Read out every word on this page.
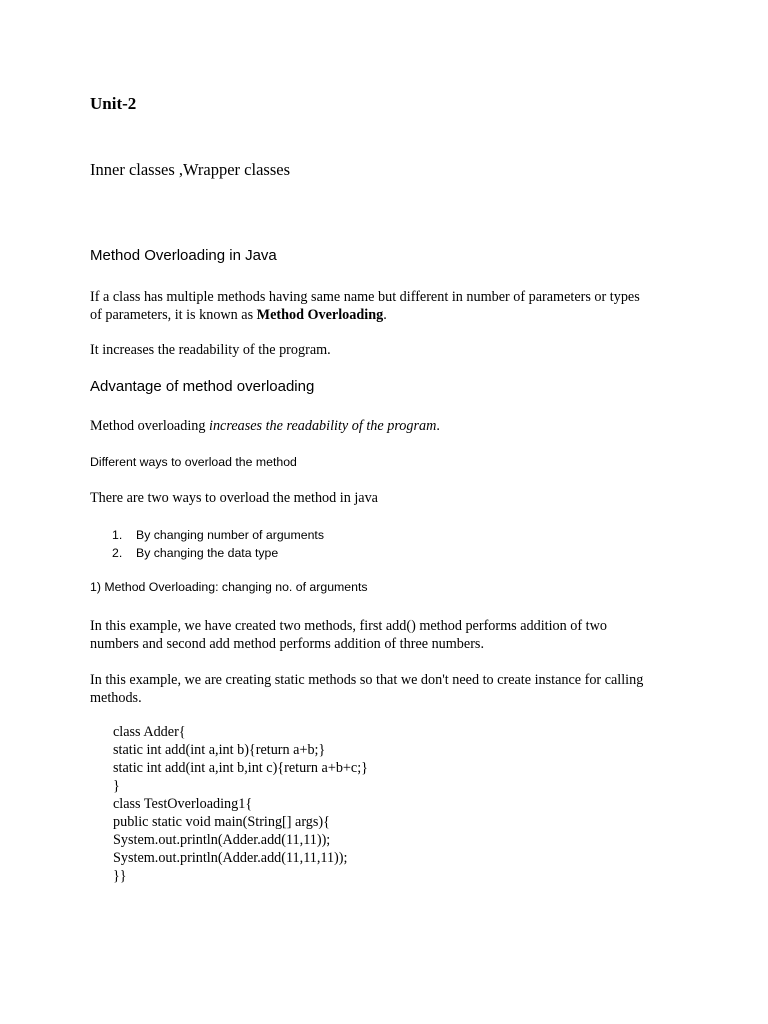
Unit-2
Inner classes ,Wrapper classes
Method Overloading in Java
If a class has multiple methods having same name but different in number of parameters or types
of parameters, it is known as Method Overloading.
It increases the readability of the program.
Advantage of method overloading
Method overloading increases the readability of the program.
Different ways to overload the method
There are two ways to overload the method in java
1. By changing number of arguments
2. By changing the data type
1) Method Overloading: changing no. of arguments
In this example, we have created two methods, first add() method performs addition of two
numbers and second add method performs addition of three numbers.
In this example, we are creating static methods so that we don't need to create instance for calling
methods.
class Adder{
static int add(int a,int b){return a+b;}
static int add(int a,int b,int c){return a+b+c;}
}
class TestOverloading1{
public static void main(String[] args){
System.out.println(Adder.add(11,11));
System.out.println(Adder.add(11,11,11));
}}
